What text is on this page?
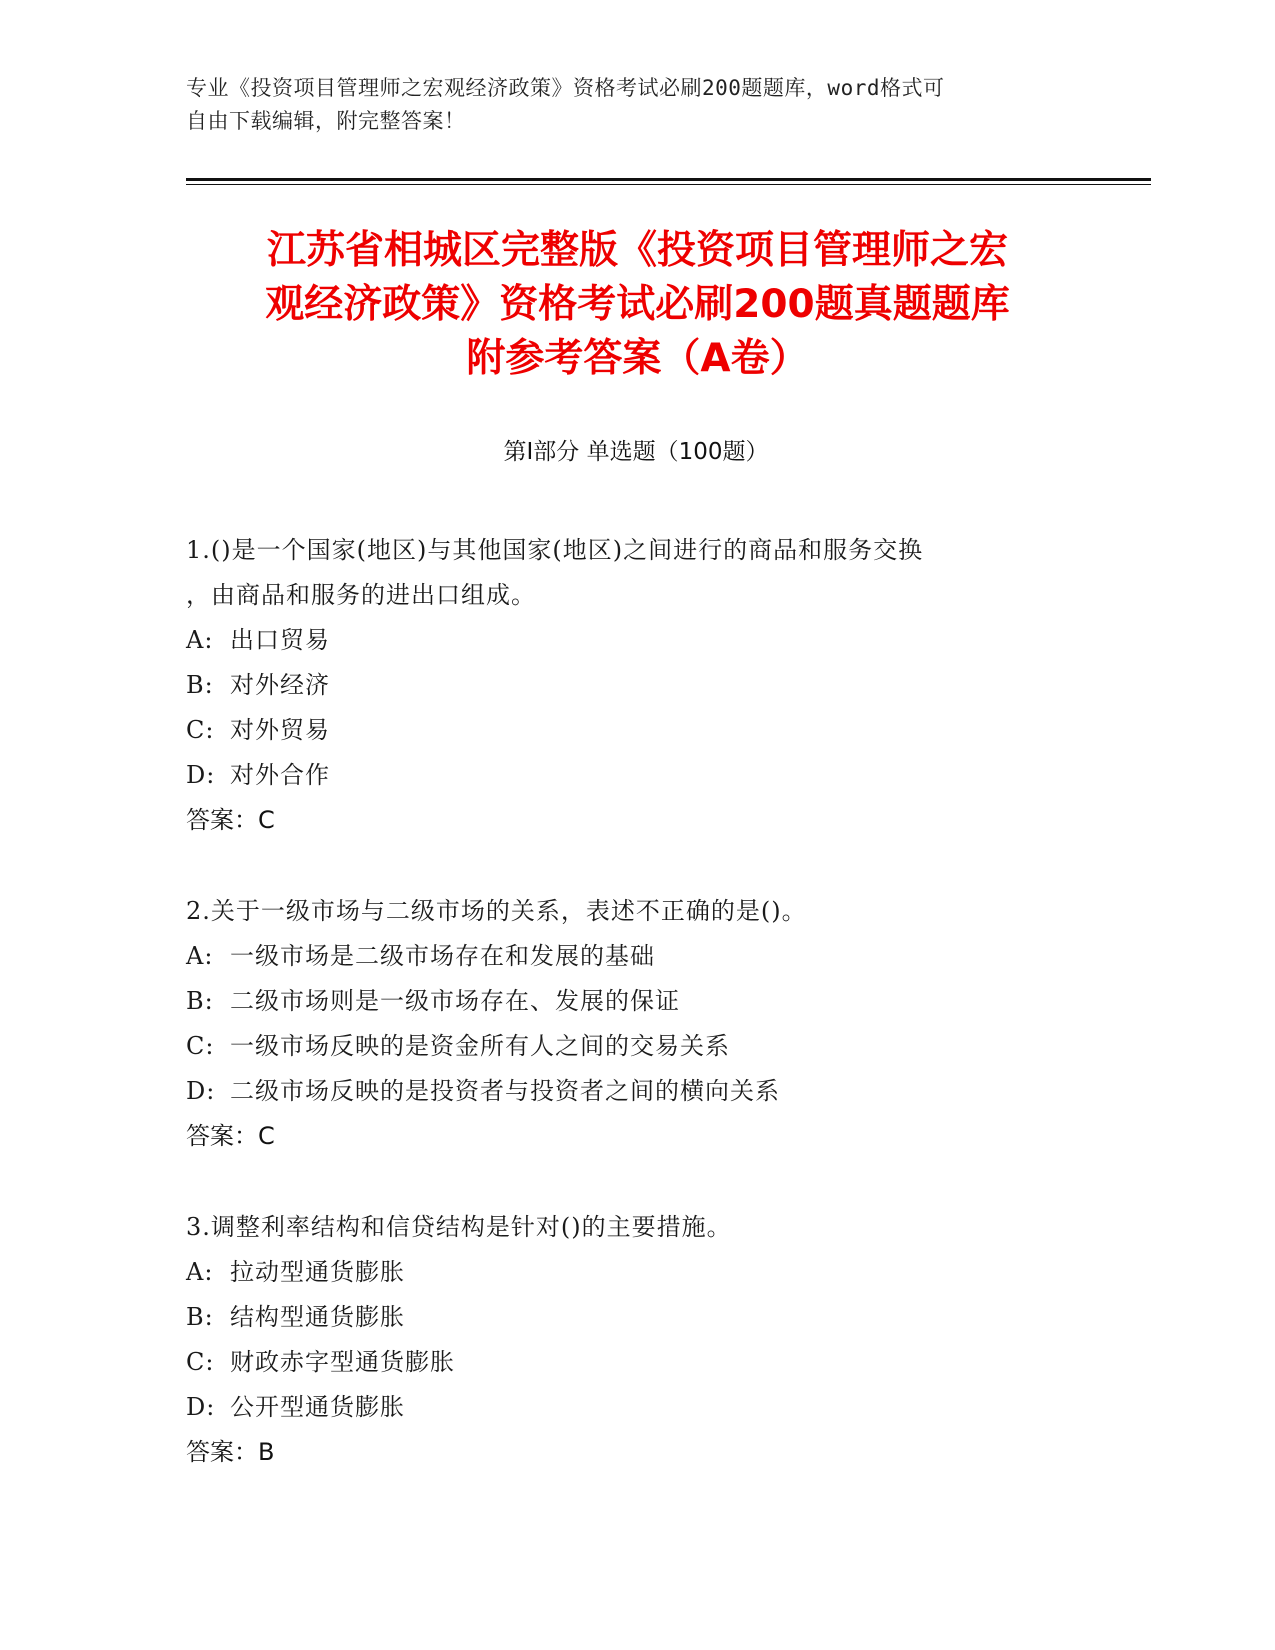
专业《投资项目管理师之宏观经济政策》资格考试必刷200题题库，word格式可
自由下载编辑，附完整答案！
江苏省相城区完整版《投资项目管理师之宏
观经济政策》资格考试必刷200题真题题库
附参考答案（A卷）
第Ⅰ部分 单选题（100题）
1.()是一个国家(地区)与其他国家(地区)之间进行的商品和服务交换
，由商品和服务的进出口组成。
A: 出口贸易
B: 对外经济
C: 对外贸易
D: 对外合作
答案：C
2.关于一级市场与二级市场的关系，表述不正确的是()。
A: 一级市场是二级市场存在和发展的基础
B: 二级市场则是一级市场存在、发展的保证
C: 一级市场反映的是资金所有人之间的交易关系
D: 二级市场反映的是投资者与投资者之间的横向关系
答案：C
3.调整利率结构和信贷结构是针对()的主要措施。
A: 拉动型通货膨胀
B: 结构型通货膨胀
C: 财政赤字型通货膨胀
D: 公开型通货膨胀
答案：B
